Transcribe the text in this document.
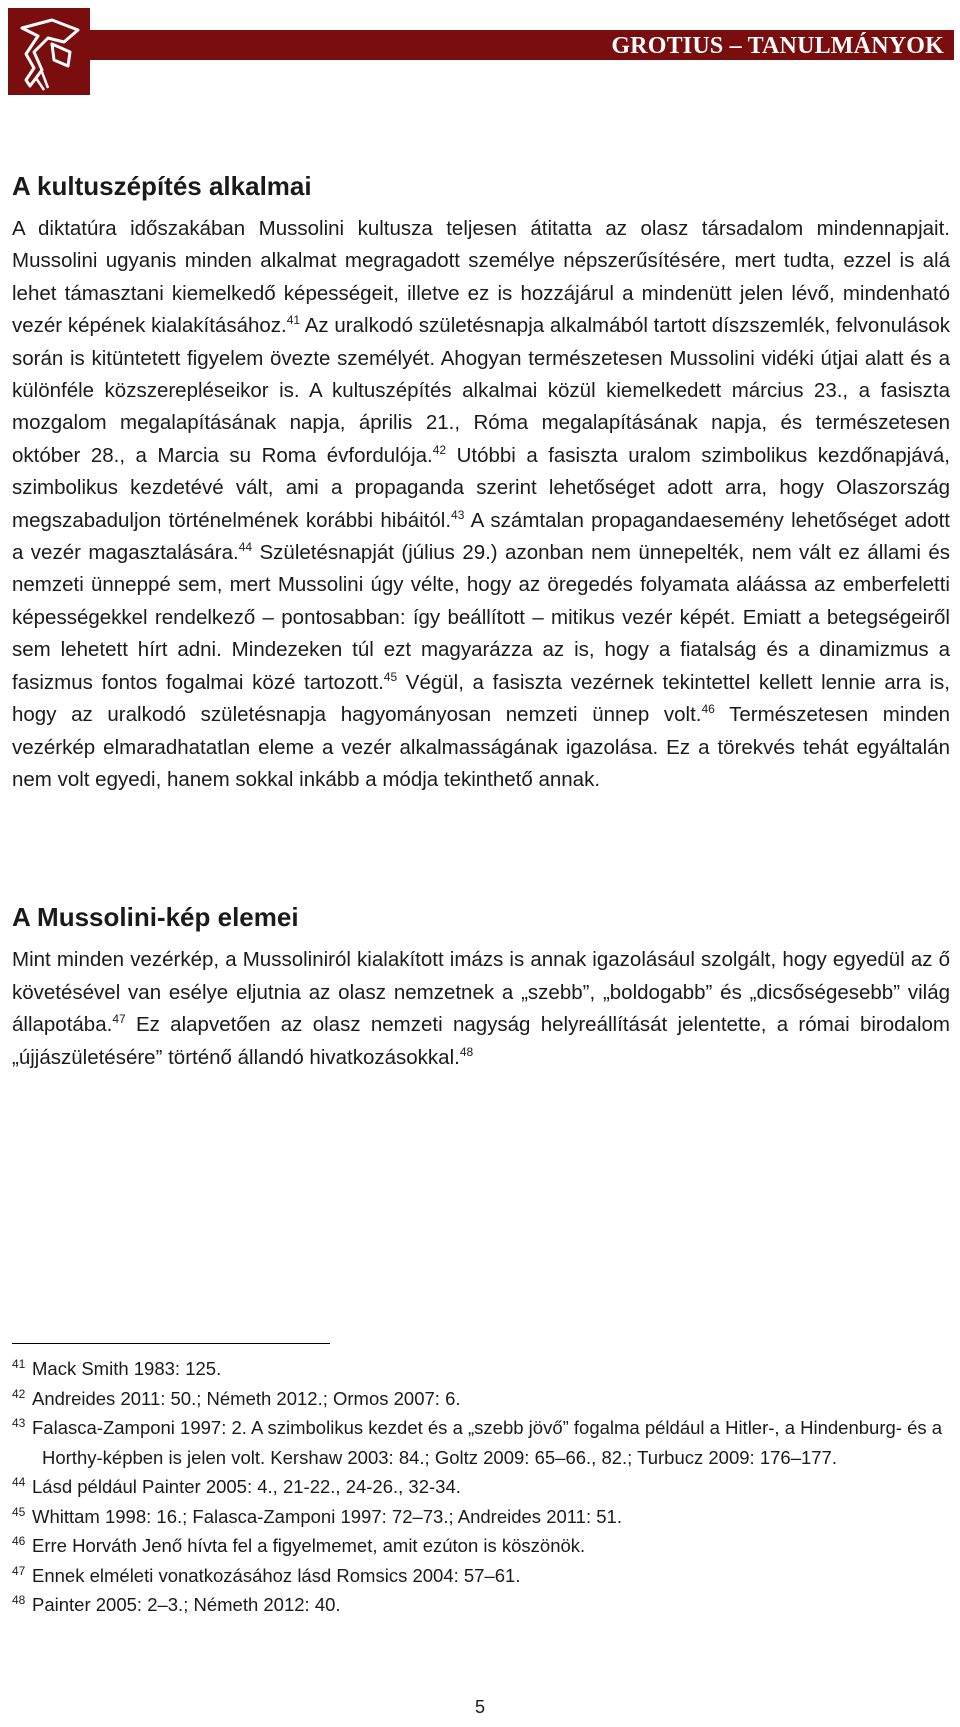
GROTIUS – TANULMÁNYOK
A kultuszépítés alkalmai

A diktatúra időszakában Mussolini kultusza teljesen átitatta az olasz társadalom mindennapjait. Mussolini ugyanis minden alkalmat megragadott személye népszerűsítésére, mert tudta, ezzel is alá lehet támasztani kiemelkedő képességeit, illetve ez is hozzájárul a mindenütt jelen lévő, mindenható vezér képének kialakításához.$^{41}$ Az uralkodó születésnapja alkalmából tartott díszszemlék, felvonulások során is kitüntetett figyelem övezte személyét. Ahogyan természetesen Mussolini vidéki útjai alatt és a különféle közszerepléseikor is. A kultuszépítés alkalmai közül kiemelkedett március 23., a fasiszta mozgalom megalapításának napja, április 21., Róma megalapításának napja, és természetesen október 28., a Marcia su Roma évfordulója.$^{42}$ Utóbbi a fasiszta uralom szimbolikus kezdőnapjává, szimbolikus kezdetévé vált, ami a propaganda szerint lehetőséget adott arra, hogy Olaszország megszabaduljon történelmének korábbi hibáitól.$^{43}$ A számtalan propagandaesemény lehetőséget adott a vezér magasztalására.$^{44}$ Születésnapját (július 29.) azonban nem ünnepelték, nem vált ez állami és nemzeti ünneppé sem, mert Mussolini úgy vélte, hogy az öregedés folyamata aláássa az emberfeletti képességekkel rendelkező – pontosabban: így beállított – mitikus vezér képét. Emiatt a betegségeiről sem lehetett hírt adni. Mindezeken túl ezt magyarázza az is, hogy a fiatalság és a dinamizmus a fasizmus fontos fogalmai közé tartozott.$^{45}$ Végül, a fasiszta vezérnek tekintettel kellett lennie arra is, hogy az uralkodó születésnapja hagyományosan nemzeti ünnep volt.$^{46}$ Természetesen minden vezérkép elmaradhatatlan eleme a vezér alkalmasságának igazolása. Ez a törekvés tehát egyáltalán nem volt egyedi, hanem sokkal inkább a módja tekinthető annak.

A Mussolini-kép elemei

Mint minden vezérkép, a Mussoliniról kialakított imázs is annak igazolásául szolgált, hogy egyedül az ő követésével van esélye eljutnia az olasz nemzetnek a „szebb”, „boldogabb” és „dicsőségesebb” világ állapotába.$^{47}$ Ez alapvetően az olasz nemzeti nagyság helyreállítását jelentette, a római birodalom „újjászületésére” történő állandó hivatkozásokkal.$^{48}$

$^{41}$ Mack Smith 1983: 125.
$^{42}$ Andreides 2011: 50.; Németh 2012.; Ormos 2007: 6.
$^{43}$ Falasca-Zamponi 1997: 2. A szimbolikus kezdet és a „szebb jövő” fogalma például a Hitler-, a Hindenburg- és a Horthy-képben is jelen volt. Kershaw 2003: 84.; Goltz 2009: 65–66., 82.; Turbucz 2009: 176–177.
$^{44}$ Lásd például Painter 2005: 4., 21-22., 24-26., 32-34.
$^{45}$ Whittam 1998: 16.; Falasca-Zamponi 1997: 72–73.; Andreides 2011: 51.
$^{46}$ Erre Horváth Jenő hívta fel a figyelmemet, amit ezúton is köszönök.
$^{47}$ Ennek elméleti vonatkozásához lásd Romsics 2004: 57–61.
$^{48}$ Painter 2005: 2–3.; Németh 2012: 40.
5
